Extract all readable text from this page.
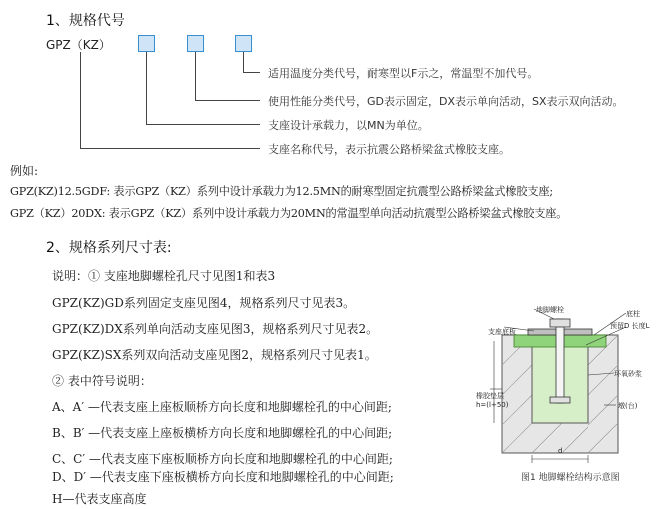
1、规格代号
GPZ（KZ）
适用温度分类代号，耐寒型以F示之，常温型不加代号。
使用性能分类代号，GD表示固定，DX表示单向活动，SX表示双向活动。
支座设计承载力，以MN为单位。
支座名称代号，表示抗震公路桥梁盆式橡胶支座。
例如:
GPZ(KZ)12.5GDF: 表示GPZ（KZ）系列中设计承载力为12.5MN的耐寒型固定抗震型公路桥梁盆式橡胶支座;
GPZ（KZ）20DX: 表示GPZ（KZ）系列中设计承载力为20MN的常温型单向活动抗震型公路桥梁盆式橡胶支座。
2、规格系列尺寸表:
说明：① 支座地脚螺栓孔尺寸见图1和表3
GPZ(KZ)GD系列固定支座见图4，规格系列尺寸见表3。
GPZ(KZ)DX系列单向活动支座见图3，规格系列尺寸见表2。
GPZ(KZ)SX系列双向活动支座见图2，规格系列尺寸见表1。
② 表中符号说明：
A、A′ —代表支座上座板顺桥方向长度和地脚螺栓孔的中心间距;
B、B′ —代表支座上座板横桥方向长度和地脚螺栓孔的中心间距;
C、C′ —代表支座下座板顺桥方向长度和地脚螺栓孔的中心间距;
D、D′ —代表支座下座板横桥方向长度和地脚螺栓孔的中心间距;
H—代表支座高度
地脚螺栓
支座底板
橡胶垫层
h=(l+50)
底柱
预留D 长度L
环氧砂浆
墩(台)
d
图1 地脚螺栓结构示意图
